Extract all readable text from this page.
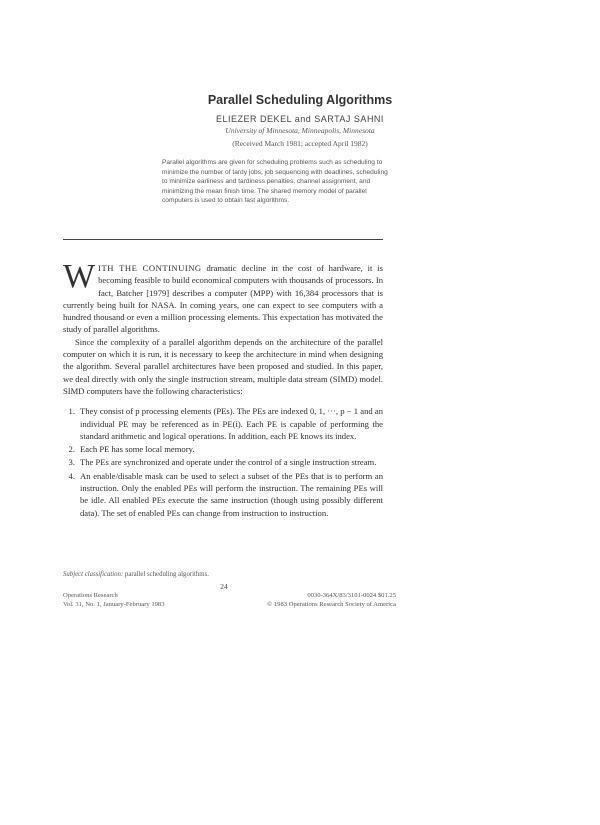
Parallel Scheduling Algorithms
ELIEZER DEKEL and SARTAJ SAHNI
University of Minnesota, Minneapolis, Minnesota
(Received March 1981; accepted April 1982)
Parallel algorithms are given for scheduling problems such as scheduling to minimize the number of tardy jobs, job sequencing with deadlines, scheduling to minimize earliness and tardiness penalties, channel assignment, and minimizing the mean finish time. The shared memory model of parallel computers is used to obtain fast algorithms.

WITH THE CONTINUING dramatic decline in the cost of hardware, it is becoming feasible to build economical computers with thousands of processors. In fact, Batcher [1979] describes a computer (MPP) with 16,384 processors that is currently being built for NASA. In coming years, one can expect to see computers with a hundred thousand or even a million processing elements. This expectation has motivated the study of parallel algorithms.

Since the complexity of a parallel algorithm depends on the architecture of the parallel computer on which it is run, it is necessary to keep the architecture in mind when designing the algorithm. Several parallel architectures have been proposed and studied. In this paper, we deal directly with only the single instruction stream, multiple data stream (SIMD) model. SIMD computers have the following characteristics:

1. They consist of p processing elements (PEs). The PEs are indexed 0, 1, ···, p − 1 and an individual PE may be referenced as in PE(i). Each PE is capable of performing the standard arithmetic and logical operations. In addition, each PE knows its index.
2. Each PE has some local memory.
3. The PEs are synchronized and operate under the control of a single instruction stream.
4. An enable/disable mask can be used to select a subset of the PEs that is to perform an instruction. Only the enabled PEs will perform the instruction. The remaining PEs will be idle. All enabled PEs execute the same instruction (though using possibly different data). The set of enabled PEs can change from instruction to instruction.
Subject classification: parallel scheduling algorithms.
24
Operations Research
Vol. 31, No. 1, January-February 1983
0030-364X/83/3101-0024 $01.25
© 1983 Operations Research Society of America
